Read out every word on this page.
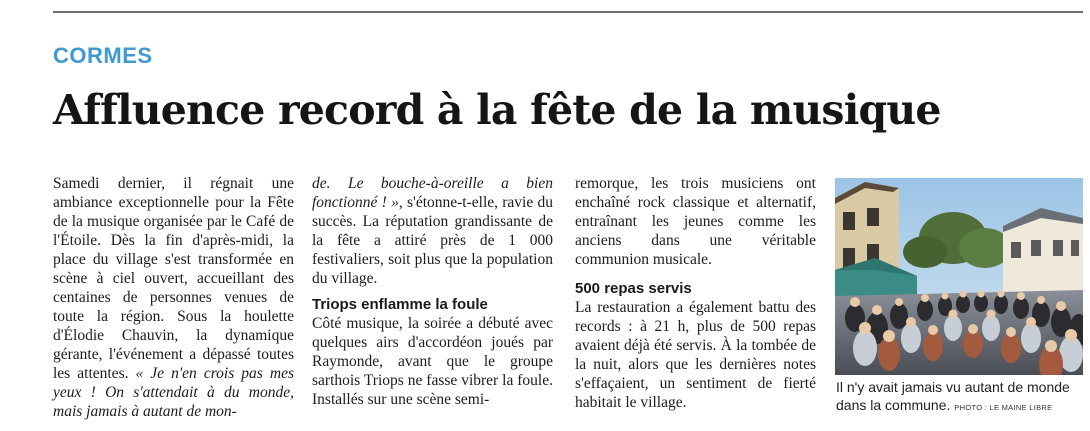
CORMES
Affluence record à la fête de la musique

Samedi dernier, il régnait une ambiance exceptionnelle pour la Fête de la musique organisée par le Café de l'Étoile. Dès la fin d'après-midi, la place du village s'est transformée en scène à ciel ouvert, accueillant des centaines de personnes venues de toute la région. Sous la houlette d'Élodie Chauvin, la dynamique gérante, l'événement a dépassé toutes les attentes. « Je n'en crois pas mes yeux ! On s'attendait à du monde, mais jamais à autant de mon-

de. Le bouche-à-oreille a bien fonctionné ! », s'étonne-t-elle, ravie du succès. La réputation grandissante de la fête a attiré près de 1 000 festivaliers, soit plus que la population du village.

Triops enflamme la foule

Côté musique, la soirée a débuté avec quelques airs d'accordéon joués par Raymonde, avant que le groupe sarthois Triops ne fasse vibrer la foule. Installés sur une scène semi-

remorque, les trois musiciens ont enchaîné rock classique et alternatif, entraînant les jeunes comme les anciens dans une véritable communion musicale.

500 repas servis

La restauration a également battu des records : à 21 h, plus de 500 repas avaient déjà été servis. À la tombée de la nuit, alors que les dernières notes s'effaçaient, un sentiment de fierté habitait le village.

Il n'y avait jamais vu autant de monde dans la commune. PHOTO : LE MAINE LIBRE
